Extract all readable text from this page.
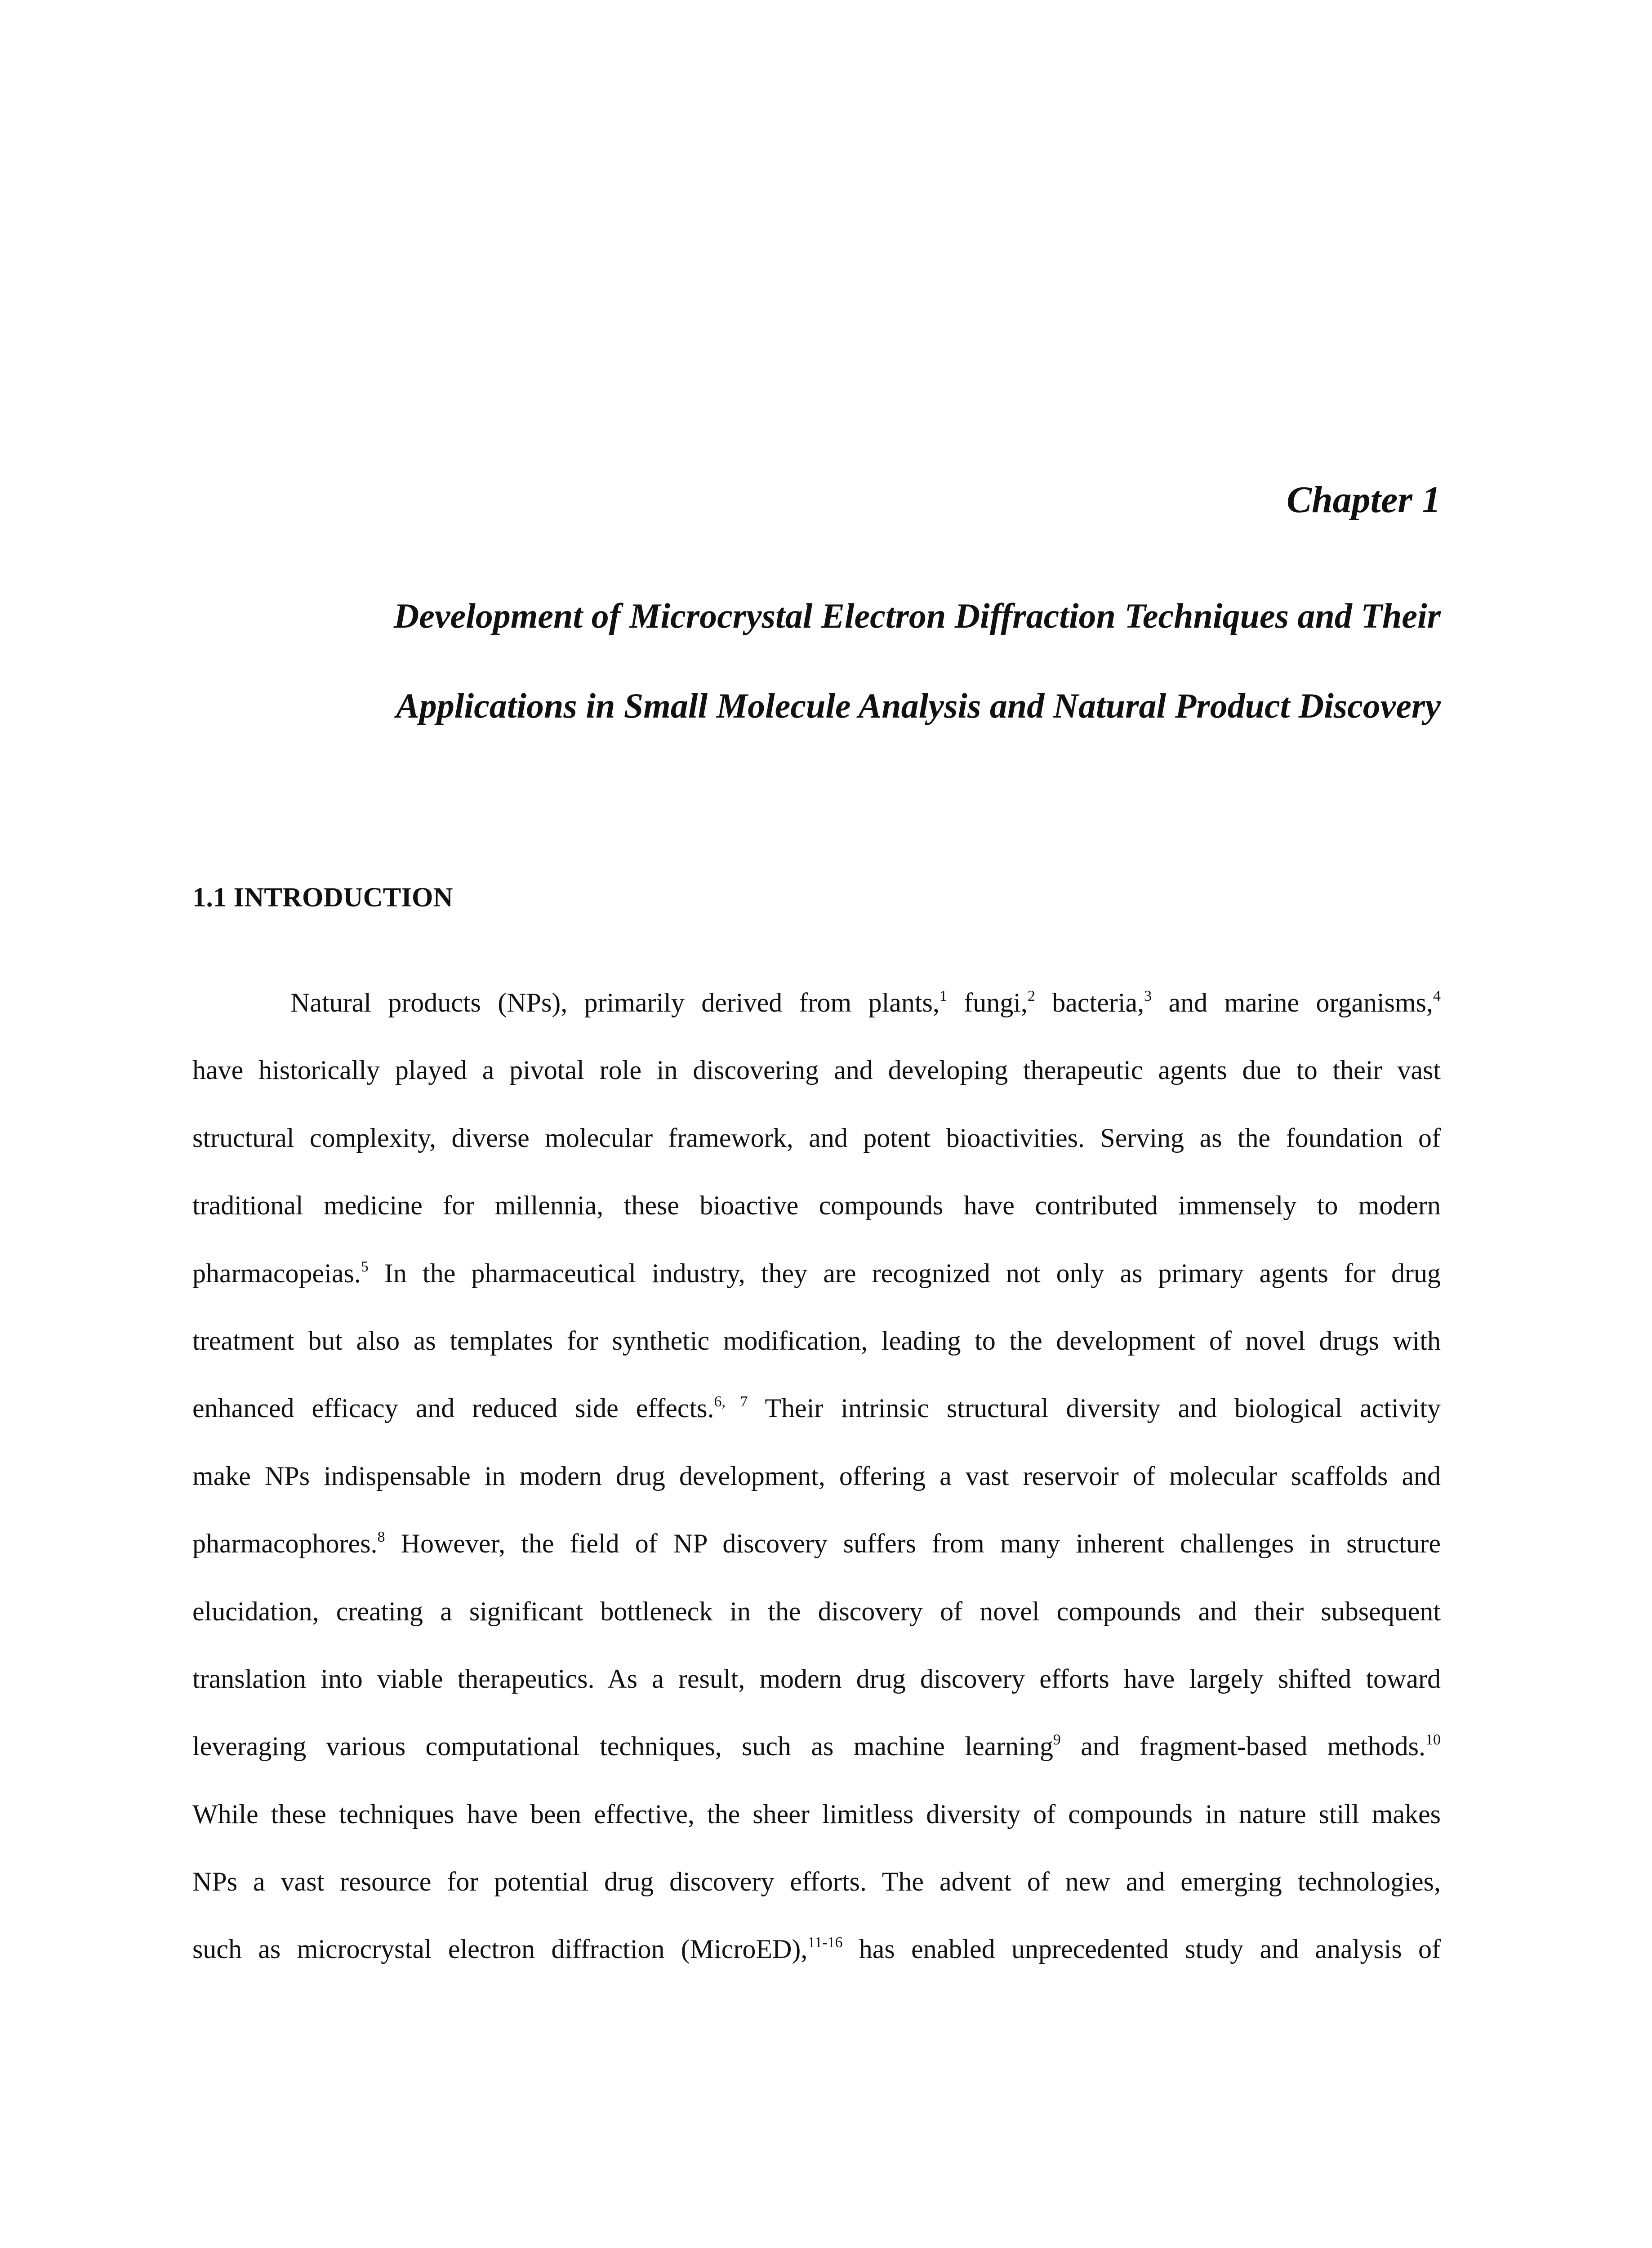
Chapter 1
Development of Microcrystal Electron Diffraction Techniques and Their
Applications in Small Molecule Analysis and Natural Product Discovery
1.1 INTRODUCTION
Natural products (NPs), primarily derived from plants,$^1$ fungi,$^2$ bacteria,$^3$ and marine organisms,$^4$
have historically played a pivotal role in discovering and developing therapeutic agents due to their vast
structural complexity, diverse molecular framework, and potent bioactivities. Serving as the foundation of
traditional medicine for millennia, these bioactive compounds have contributed immensely to modern
pharmacopeias.$^5$ In the pharmaceutical industry, they are recognized not only as primary agents for drug
treatment but also as templates for synthetic modification, leading to the development of novel drugs with
enhanced efficacy and reduced side effects.$^{6, 7}$ Their intrinsic structural diversity and biological activity
make NPs indispensable in modern drug development, offering a vast reservoir of molecular scaffolds and
pharmacophores.$^8$ However, the field of NP discovery suffers from many inherent challenges in structure
elucidation, creating a significant bottleneck in the discovery of novel compounds and their subsequent
translation into viable therapeutics. As a result, modern drug discovery efforts have largely shifted toward
leveraging various computational techniques, such as machine learning$^9$ and fragment-based methods.$^{10}$
While these techniques have been effective, the sheer limitless diversity of compounds in nature still makes
NPs a vast resource for potential drug discovery efforts. The advent of new and emerging technologies,
such as microcrystal electron diffraction (MicroED),$^{11-16}$ has enabled unprecedented study and analysis of
